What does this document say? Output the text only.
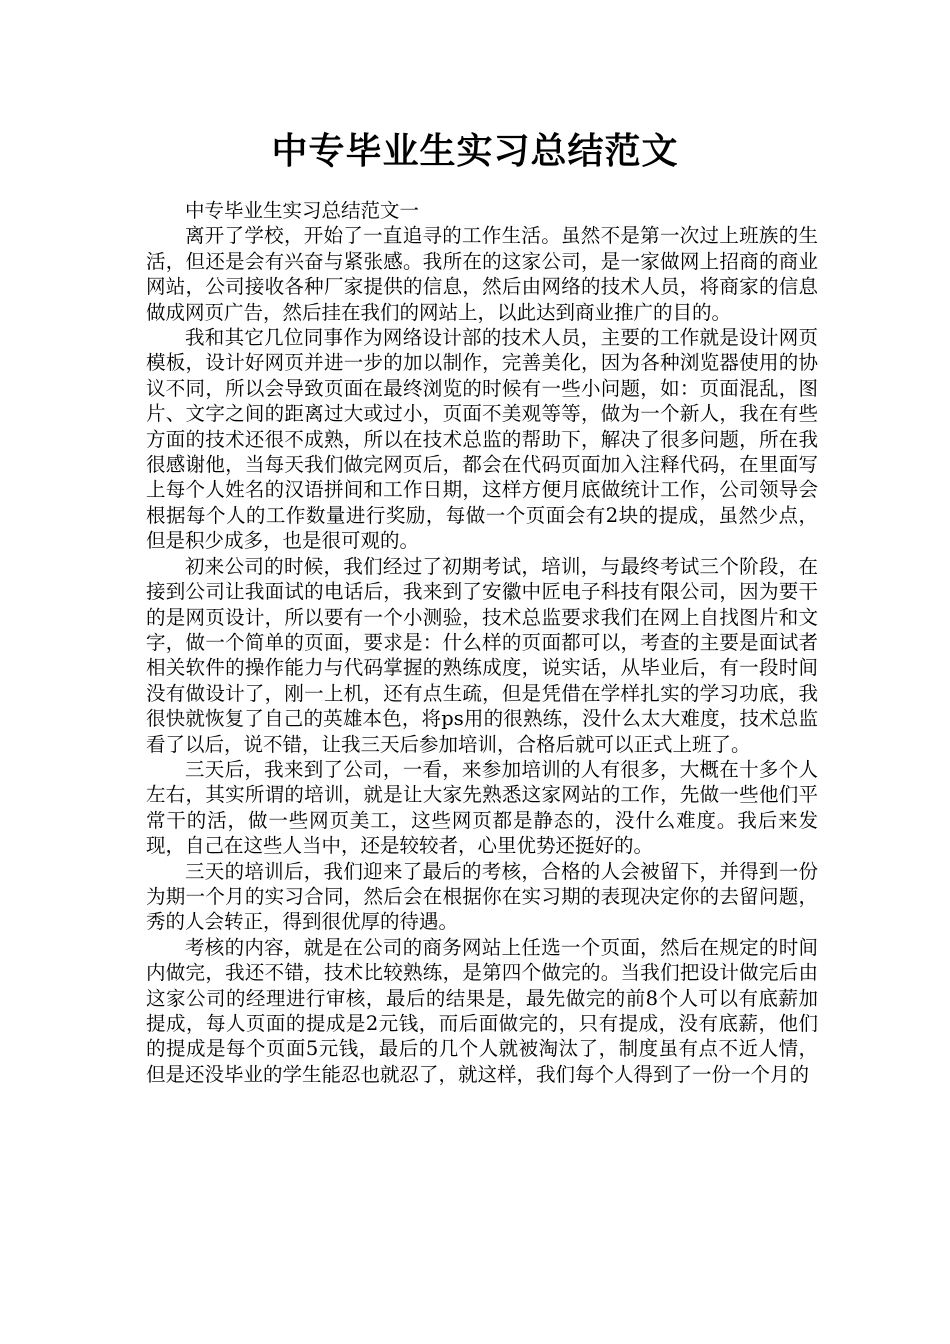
中专毕业生实习总结范文

中专毕业生实习总结范文一

离开了学校，开始了一直追寻的工作生活。虽然不是第一次过上班族的生活，但还是会有兴奋与紧张感。我所在的这家公司，是一家做网上招商的商业网站，公司接收各种厂家提供的信息，然后由网络的技术人员，将商家的信息做成网页广告，然后挂在我们的网站上，以此达到商业推广的目的。

我和其它几位同事作为网络设计部的技术人员，主要的工作就是设计网页模板，设计好网页并进一步的加以制作，完善美化，因为各种浏览器使用的协议不同，所以会导致页面在最终浏览的时候有一些小问题，如：页面混乱，图片、文字之间的距离过大或过小，页面不美观等等，做为一个新人，我在有些方面的技术还很不成熟，所以在技术总监的帮助下，解决了很多问题，所在我很感谢他，当每天我们做完网页后，都会在代码页面加入注释代码，在里面写上每个人姓名的汉语拼间和工作日期，这样方便月底做统计工作，公司领导会根据每个人的工作数量进行奖励，每做一个页面会有2块的提成，虽然少点，但是积少成多，也是很可观的。

初来公司的时候，我们经过了初期考试，培训，与最终考试三个阶段，在接到公司让我面试的电话后，我来到了安徽中匠电子科技有限公司，因为要干的是网页设计，所以要有一个小测验，技术总监要求我们在网上自找图片和文字，做一个简单的页面，要求是：什么样的页面都可以，考查的主要是面试者相关软件的操作能力与代码掌握的熟练成度，说实话，从毕业后，有一段时间没有做设计了，刚一上机，还有点生疏，但是凭借在学样扎实的学习功底，我很快就恢复了自己的英雄本色，将ps用的很熟练，没什么太大难度，技术总监看了以后，说不错，让我三天后参加培训，合格后就可以正式上班了。

三天后，我来到了公司，一看，来参加培训的人有很多，大概在十多个人左右，其实所谓的培训，就是让大家先熟悉这家网站的工作，先做一些他们平常干的活，做一些网页美工，这些网页都是静态的，没什么难度。我后来发现，自己在这些人当中，还是较较者，心里优势还挺好的。

三天的培训后，我们迎来了最后的考核，合格的人会被留下，并得到一份为期一个月的实习合同，然后会在根据你在实习期的表现决定你的去留问题，秀的人会转正，得到很优厚的待遇。

考核的内容，就是在公司的商务网站上任选一个页面，然后在规定的时间内做完，我还不错，技术比较熟练，是第四个做完的。当我们把设计做完后由这家公司的经理进行审核，最后的结果是，最先做完的前8个人可以有底薪加提成，每人页面的提成是2元钱，而后面做完的，只有提成，没有底薪，他们的提成是每个页面5元钱，最后的几个人就被淘汰了，制度虽有点不近人情，但是还没毕业的学生能忍也就忍了，就这样，我们每个人得到了一份一个月的
